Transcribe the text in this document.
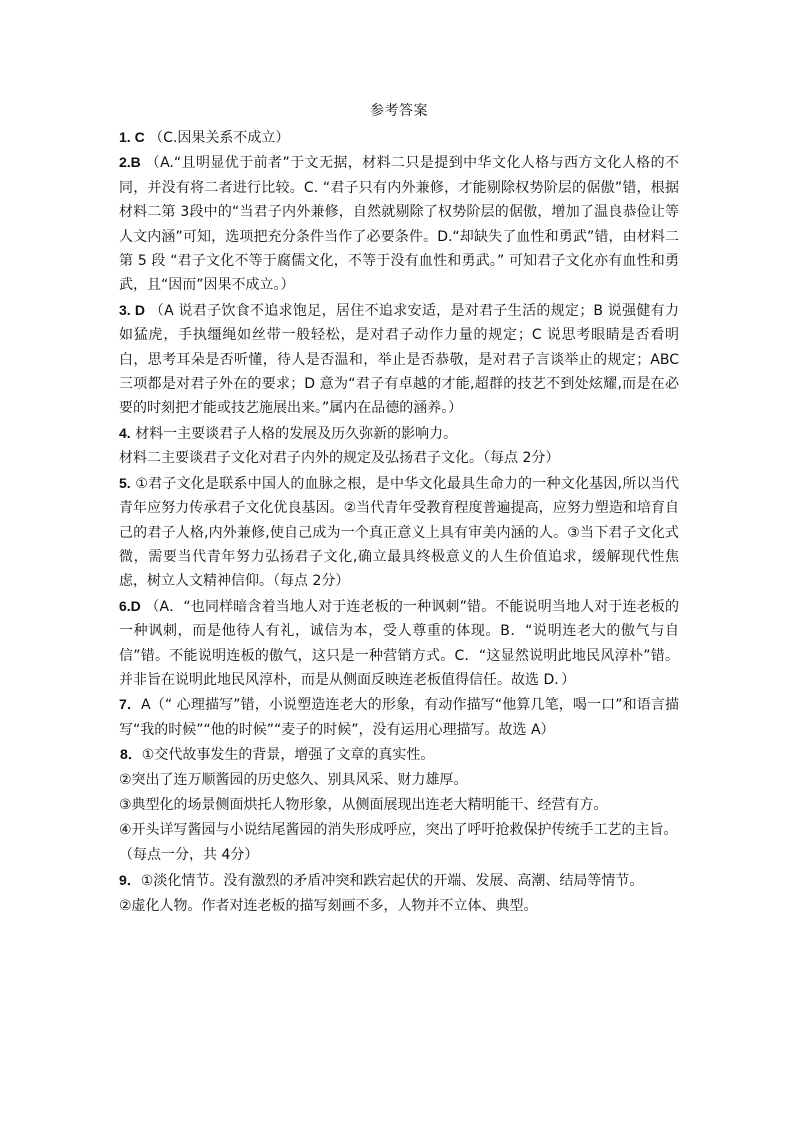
参考答案

1. C （C.因果关系不成立）

2.B （A.“且明显优于前者”于文无据，材料二只是提到中华文化人格与西方文化人格的不同，并没有将二者进行比较。C. “君子只有内外兼修，才能剔除权势阶层的倨傲”错，根据材料二第 3段中的“当君子内外兼修，自然就剔除了权势阶层的倨傲，增加了温良恭俭让等人文内涵”可知，选项把充分条件当作了必要条件。D.“却缺失了血性和勇武”错，由材料二第 5 段 “君子文化不等于腐儒文化，不等于没有血性和勇武。” 可知君子文化亦有血性和勇武，且“因而”因果不成立。）

3. D （A 说君子饮食不追求饱足，居住不追求安适，是对君子生活的规定；B 说强健有力如猛虎，手执缰绳如丝带一般轻松，是对君子动作力量的规定；C 说思考眼睛是否看明白，思考耳朵是否听懂，待人是否温和，举止是否恭敬，是对君子言谈举止的规定；ABC 三项都是对君子外在的要求；D 意为“君子有卓越的才能,超群的技艺不到处炫耀,而是在必要的时刻把才能或技艺施展出来。”属内在品德的涵养。）

4. 材料一主要谈君子人格的发展及历久弥新的影响力。

材料二主要谈君子文化对君子内外的规定及弘扬君子文化。（每点 2分）

5. ①君子文化是联系中国人的血脉之根，是中华文化最具生命力的一种文化基因,所以当代青年应努力传承君子文化优良基因。②当代青年受教育程度普遍提高，应努力塑造和培育自己的君子人格,内外兼修,使自己成为一个真正意义上具有审美内涵的人。③当下君子文化式微，需要当代青年努力弘扬君子文化,确立最具终极意义的人生价值追求，缓解现代性焦虑，树立人文精神信仰。（每点 2分）

6.D （A．“也同样暗含着当地人对于连老板的一种讽刺”错。不能说明当地人对于连老板的一种讽刺，而是他待人有礼，诚信为本，受人尊重的体现。B．“说明连老大的傲气与自信”错。不能说明连板的傲气，这只是一种营销方式。C．“这显然说明此地民风淳朴”错。并非旨在说明此地民风淳朴，而是从侧面反映连老板值得信任。故选 D．）

7．A（“ 心理描写”错，小说塑造连老大的形象，有动作描写“他算几笔，喝一口”和语言描写“我的时候”“他的时候”“麦子的时候”，没有运用心理描写。故选 A）

8．①交代故事发生的背景，增强了文章的真实性。

②突出了连万顺酱园的历史悠久、别具风采、财力雄厚。

③典型化的场景侧面烘托人物形象，从侧面展现出连老大精明能干、经营有方。

④开头详写酱园与小说结尾酱园的消失形成呼应，突出了呼吁抢救保护传统手工艺的主旨。

（每点一分，共 4分）

9．①淡化情节。没有激烈的矛盾冲突和跌宕起伏的开端、发展、高潮、结局等情节。

②虚化人物。作者对连老板的描写刻画不多，人物并不立体、典型。
